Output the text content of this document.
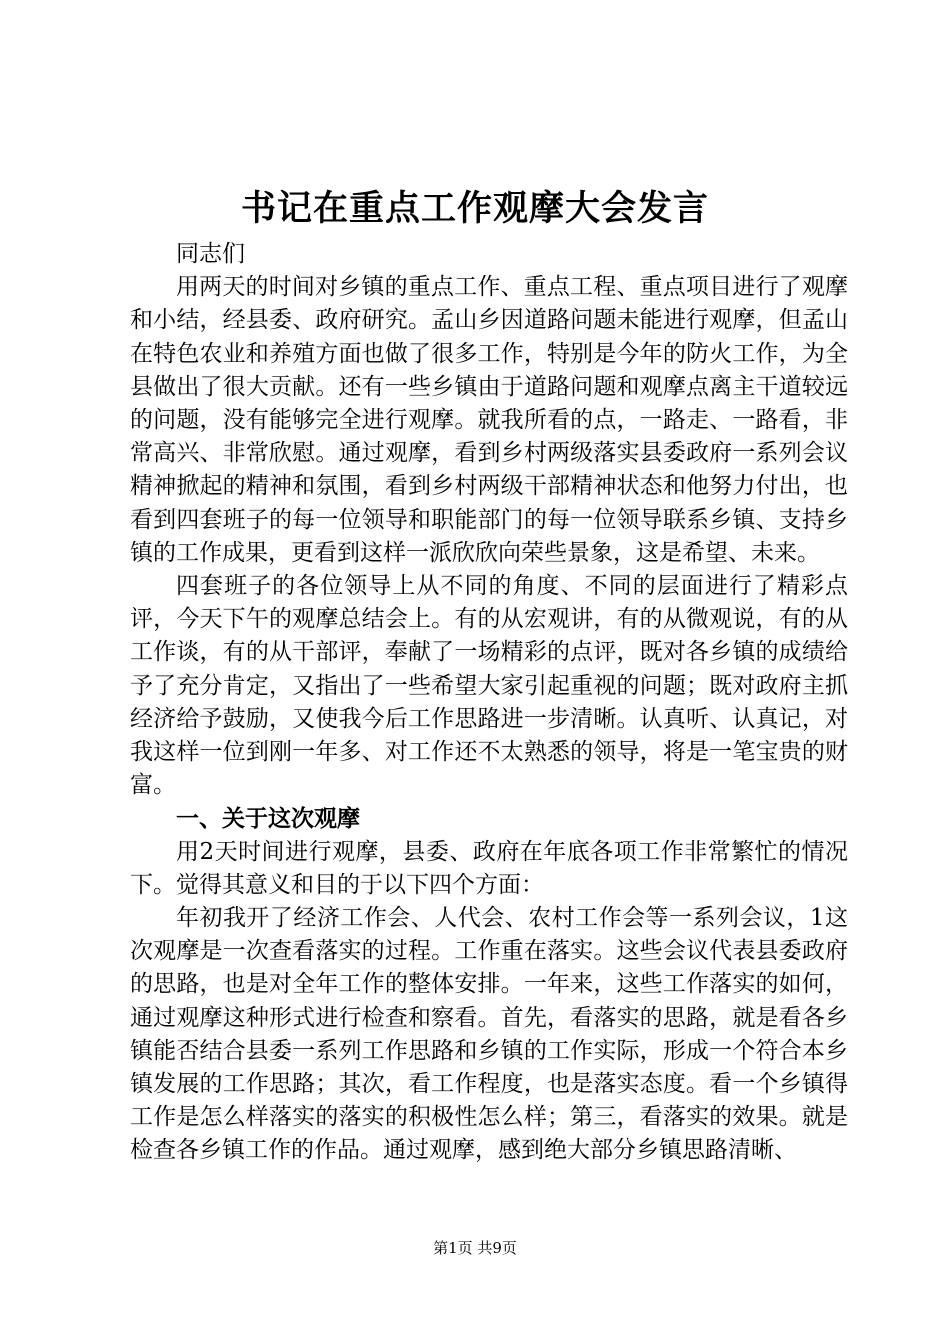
书记在重点工作观摩大会发言

同志们

用两天的时间对乡镇的重点工作、重点工程、重点项目进行了观摩和小结，经县委、政府研究。孟山乡因道路问题未能进行观摩，但孟山在特色农业和养殖方面也做了很多工作，特别是今年的防火工作，为全县做出了很大贡献。还有一些乡镇由于道路问题和观摩点离主干道较远的问题，没有能够完全进行观摩。就我所看的点，一路走、一路看，非常高兴、非常欣慰。通过观摩，看到乡村两级落实县委政府一系列会议精神掀起的精神和氛围，看到乡村两级干部精神状态和他努力付出，也看到四套班子的每一位领导和职能部门的每一位领导联系乡镇、支持乡镇的工作成果，更看到这样一派欣欣向荣些景象，这是希望、未来。

四套班子的各位领导上从不同的角度、不同的层面进行了精彩点评，今天下午的观摩总结会上。有的从宏观讲，有的从微观说，有的从工作谈，有的从干部评，奉献了一场精彩的点评，既对各乡镇的成绩给予了充分肯定，又指出了一些希望大家引起重视的问题；既对政府主抓经济给予鼓励，又使我今后工作思路进一步清晰。认真听、认真记，对我这样一位到刚一年多、对工作还不太熟悉的领导，将是一笔宝贵的财富。

一、关于这次观摩

用2天时间进行观摩，县委、政府在年底各项工作非常繁忙的情况下。觉得其意义和目的于以下四个方面：

年初我开了经济工作会、人代会、农村工作会等一系列会议，1这次观摩是一次查看落实的过程。工作重在落实。这些会议代表县委政府的思路，也是对全年工作的整体安排。一年来，这些工作落实的如何，通过观摩这种形式进行检查和察看。首先，看落实的思路，就是看各乡镇能否结合县委一系列工作思路和乡镇的工作实际，形成一个符合本乡镇发展的工作思路；其次，看工作程度，也是落实态度。看一个乡镇得工作是怎么样落实的落实的积极性怎么样；第三，看落实的效果。就是检查各乡镇工作的作品。通过观摩，感到绝大部分乡镇思路清晰、

第1页 共9页
